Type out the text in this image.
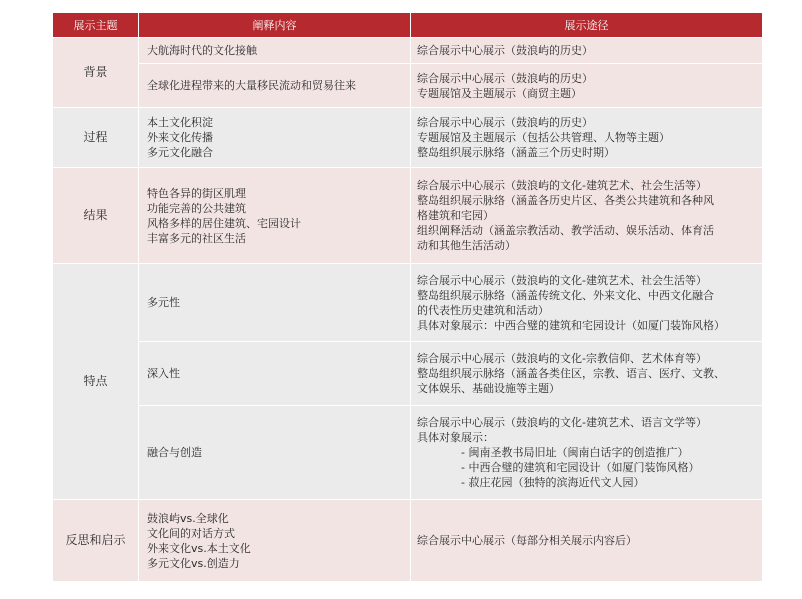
展示主题	阐释内容	展示途径
背景	大航海时代的文化接触	综合展示中心展示（鼓浪屿的历史）

	全球化进程带来的大量移民流动和贸易往来	综合展示中心展示（鼓浪屿的历史）
专题展馆及主题展示（商贸主题）

过程	本土文化积淀
外来文化传播
多元文化融合	综合展示中心展示（鼓浪屿的历史）
专题展馆及主题展示（包括公共管理、人物等主题）
整岛组织展示脉络（涵盖三个历史时期）

结果	特色各异的街区肌理
功能完善的公共建筑
风格多样的居住建筑、宅园设计
丰富多元的社区生活	综合展示中心展示（鼓浪屿的文化-建筑艺术、社会生活等）
整岛组织展示脉络（涵盖各历史片区、各类公共建筑和各种风
格建筑和宅园）
组织阐释活动（涵盖宗教活动、教学活动、娱乐活动、体育活
动和其他生活活动）

特点	多元性	综合展示中心展示（鼓浪屿的文化-建筑艺术、社会生活等）
整岛组织展示脉络（涵盖传统文化、外来文化、中西文化融合
的代表性历史建筑和活动）
具体对象展示：中西合璧的建筑和宅园设计（如厦门装饰风格）

	深入性	综合展示中心展示（鼓浪屿的文化-宗教信仰、艺术体育等）
整岛组织展示脉络（涵盖各类住区，宗教、语言、医疗、文教、
文体娱乐、基础设施等主题）

	融合与创造	综合展示中心展示（鼓浪屿的文化-建筑艺术、语言文学等）
具体对象展示：
- 闽南圣教书局旧址（闽南白话字的创造推广）
- 中西合璧的建筑和宅园设计（如厦门装饰风格）
- 菽庄花园（独特的滨海近代文人园）

反思和启示	鼓浪屿vs.全球化
文化间的对话方式
外来文化vs.本土文化
多元文化vs.创造力	综合展示中心展示（每部分相关展示内容后）
